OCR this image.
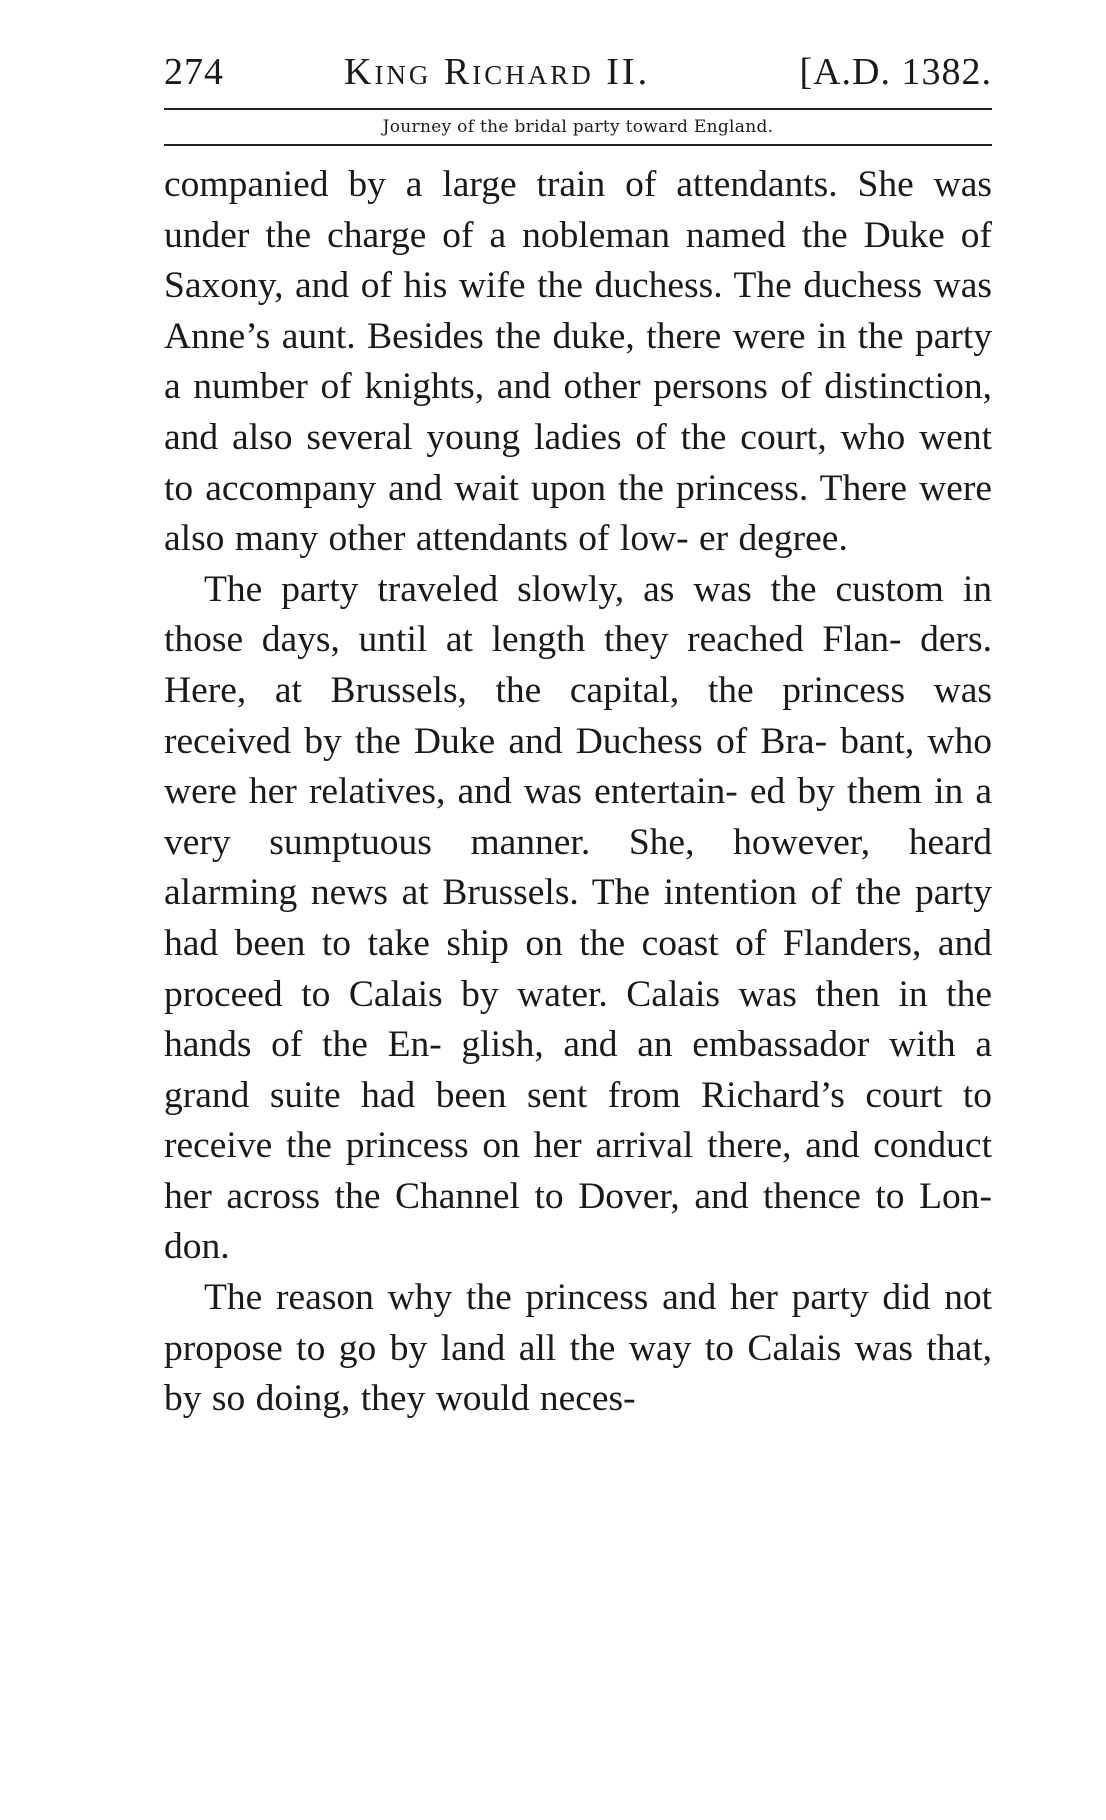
274	King Richard II.	[A.D. 1382.
Journey of the bridal party toward England.

companied by a large train of attendants. She was under the charge of a nobleman named the Duke of Saxony, and of his wife the duchess. The duchess was Anne’s aunt. Besides the duke, there were in the party a number of knights, and other persons of distinction, and also several young ladies of the court, who went to accompany and wait upon the princess. There were also many other attendants of low- er degree.

The party traveled slowly, as was the custom in those days, until at length they reached Flan- ders. Here, at Brussels, the capital, the princess was received by the Duke and Duchess of Bra- bant, who were her relatives, and was entertain- ed by them in a very sumptuous manner. She, however, heard alarming news at Brussels. The intention of the party had been to take ship on the coast of Flanders, and proceed to Calais by water. Calais was then in the hands of the En- glish, and an embassador with a grand suite had been sent from Richard’s court to receive the princess on her arrival there, and conduct her across the Channel to Dover, and thence to Lon- don.

The reason why the princess and her party did not propose to go by land all the way to Calais was that, by so doing, they would neces-
